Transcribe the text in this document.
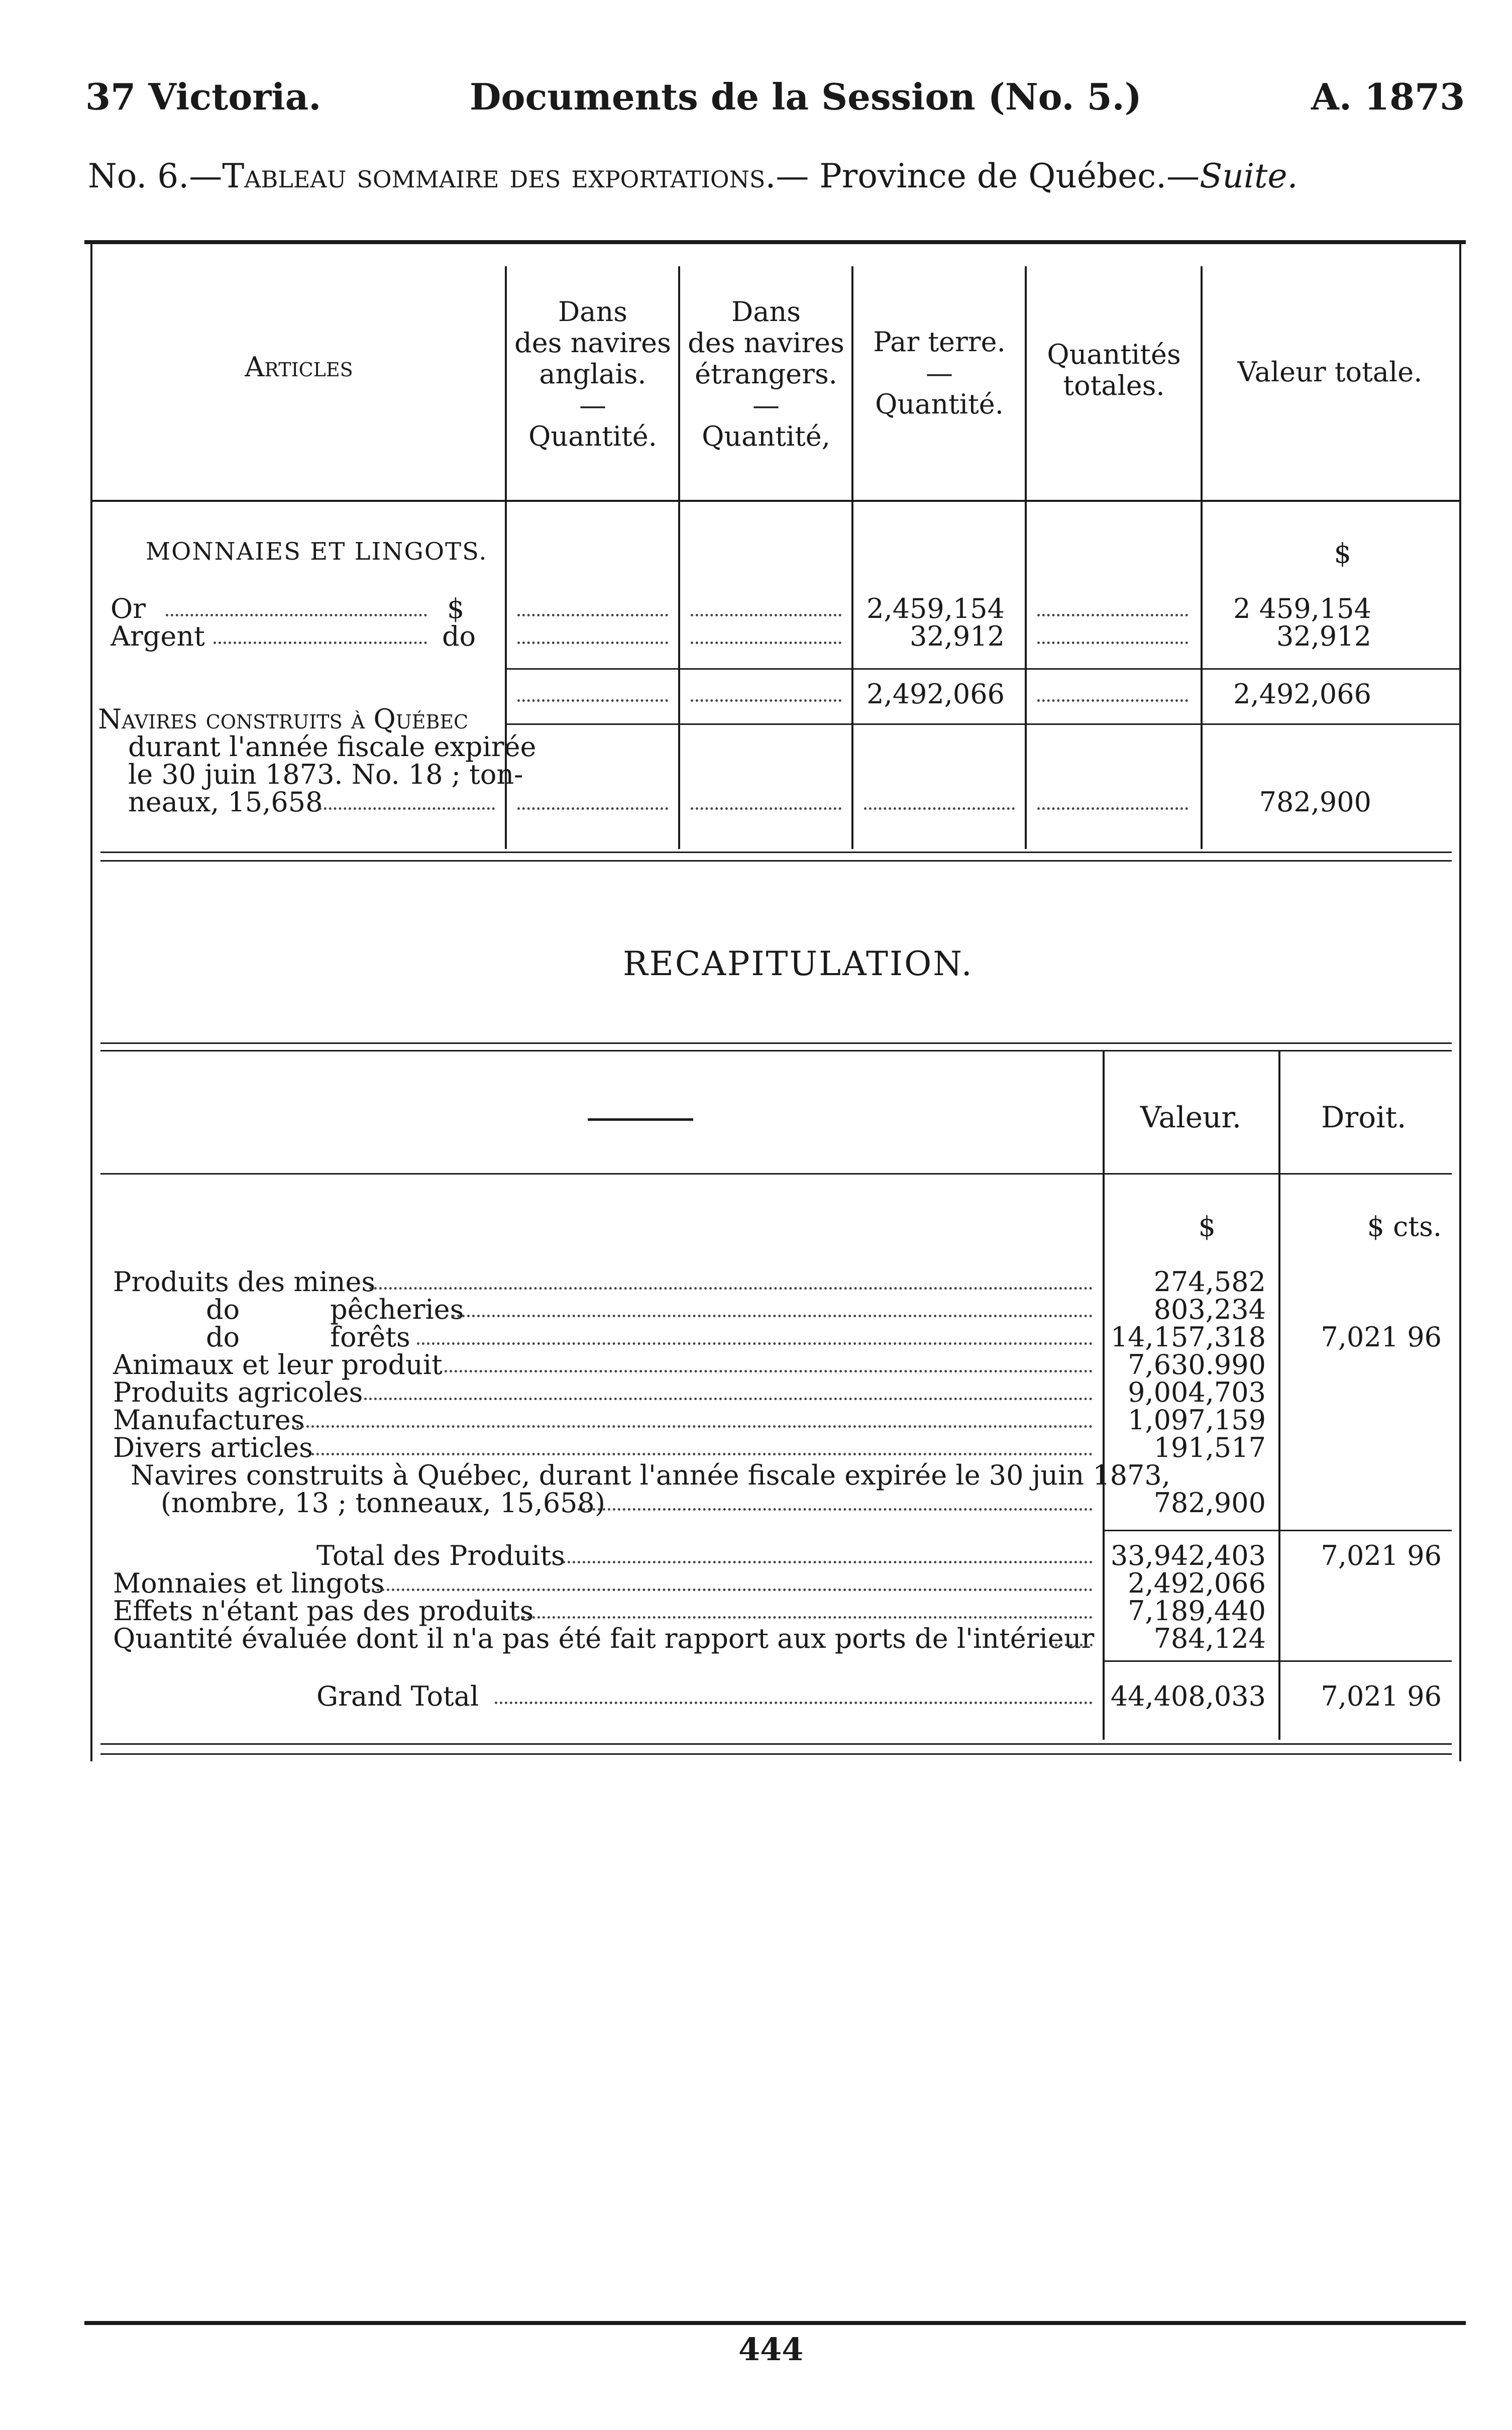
37 Victoria.	Documents de la Session (No. 5.)	A. 1873
No. 6.—Tableau sommaire des exportations.— Province de Québec.—Suite.
Articles
Dans
des navires
anglais.
—
Quantité.
Dans
des navires
étrangers.
—
Quantité,
Par terre.
—
Quantité.
Quantités
totales.	Valeur totale.
MONNAIES ET LINGOTS.	$
Or	$	2,459,154	2 459,154
Argent	do	32,912	32,912
2,492,066	2,492,066
Navires construits à Québec
durant l'année fiscale expirée
le 30 juin 1873. No. 18 ; ton-
neaux, 15,658	782,900
RECAPITULATION.
Valeur.	Droit.
$	$ cts.
Produits des mines	274,582
do	pêcheries	803,234
do	forêts	14,157,318	7,021 96
Animaux et leur produit	7,630.990
Produits agricoles	9,004,703
Manufactures	1,097,159
Divers articles	191,517
Navires construits à Québec, durant l'année fiscale expirée le 30 juin 1873,
(nombre, 13 ; tonneaux, 15,658)	782,900
Total des Produits	33,942,403	7,021 96
Monnaies et lingots	2,492,066
Effets n'étant pas des produits	7,189,440
Quantité évaluée dont il n'a pas été fait rapport aux ports de l'intérieur	784,124
Grand Total	44,408,033	7,021 96
444
